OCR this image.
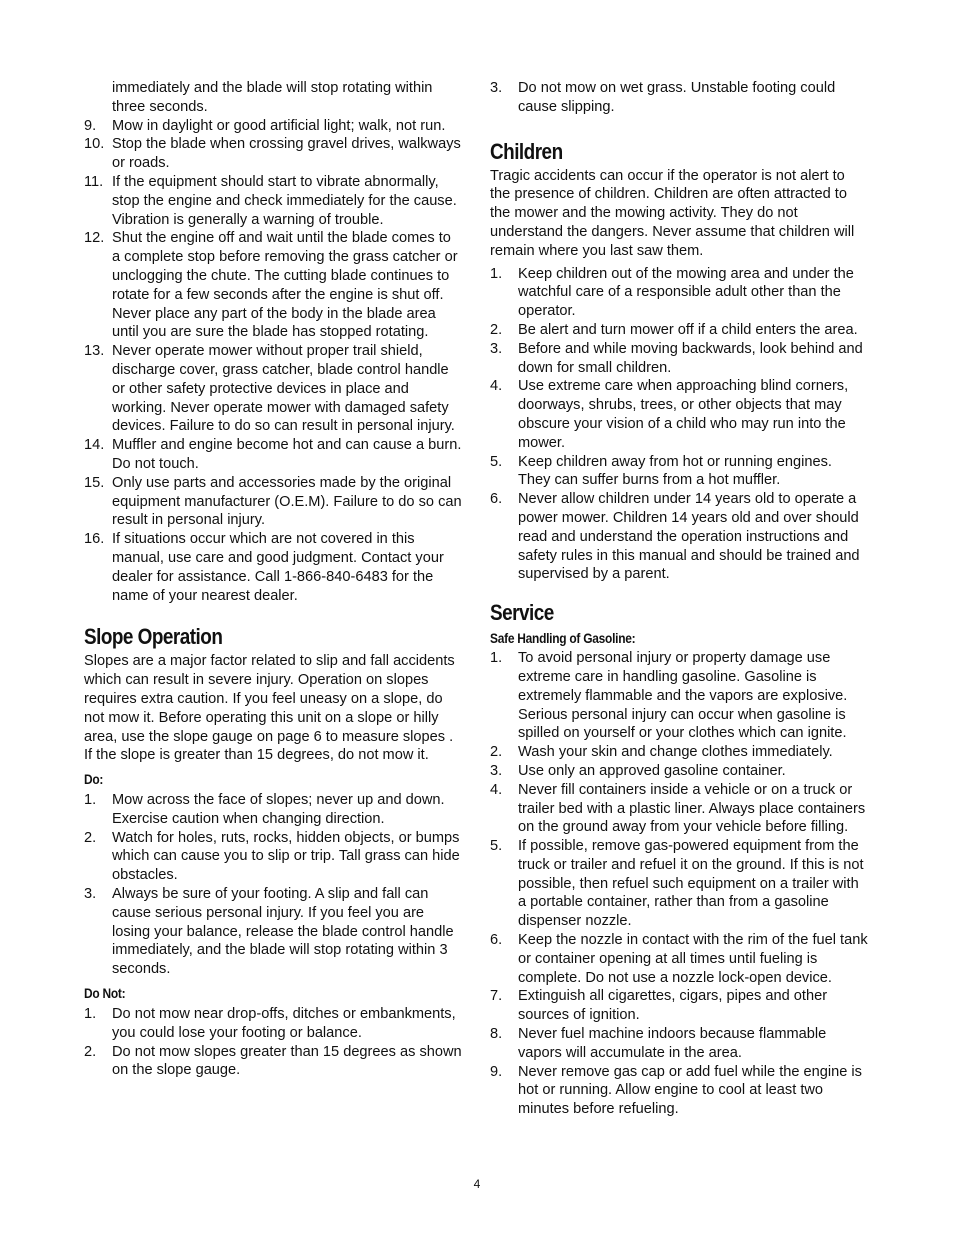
immediately and the blade will stop rotating within three seconds.

9. Mow in daylight or good artificial light; walk, not run.
10. Stop the blade when crossing gravel drives, walkways or roads.
11. If the equipment should start to vibrate abnormally, stop the engine and check immediately for the cause. Vibration is generally a warning of trouble.
12. Shut the engine off and wait until the blade comes to a complete stop before removing the grass catcher or unclogging the chute. The cutting blade continues to rotate for a few seconds after the engine is shut off. Never place any part of the body in the blade area until you are sure the blade has stopped rotating.
13. Never operate mower without proper trail shield, discharge cover, grass catcher, blade control handle or other safety protective devices in place and working. Never operate mower with damaged safety devices. Failure to do so can result in personal injury.
14. Muffler and engine become hot and can cause a burn. Do not touch.
15. Only use parts and accessories made by the original equipment manufacturer (O.E.M). Failure to do so can result in personal injury.
16. If situations occur which are not covered in this manual, use care and good judgment. Contact your dealer for assistance. Call 1-866-840-6483 for the name of your nearest dealer.
Slope Operation

Slopes are a major factor related to slip and fall accidents which can result in severe injury. Operation on slopes requires extra caution. If you feel uneasy on a slope, do not mow it. Before operating this unit on a slope or hilly area, use the slope gauge on page 6 to measure slopes . If the slope is greater than 15 degrees, do not mow it.

Do:
1. Mow across the face of slopes; never up and down. Exercise caution when changing direction.
2. Watch for holes, ruts, rocks, hidden objects, or bumps which can cause you to slip or trip. Tall grass can hide obstacles.
3. Always be sure of your footing. A slip and fall can cause serious personal injury. If you feel you are losing your balance, release the blade control handle immediately, and the blade will stop rotating within 3 seconds.
Do Not:
1. Do not mow near drop-offs, ditches or embankments, you could lose your footing or balance.
2. Do not mow slopes greater than 15 degrees as shown on the slope gauge.
3. Do not mow on wet grass. Unstable footing could cause slipping.
Children

Tragic accidents can occur if the operator is not alert to the presence of children. Children are often attracted to the mower and the mowing activity. They do not understand the dangers. Never assume that children will remain where you last saw them.

1. Keep children out of the mowing area and under the watchful care of a responsible adult other than the operator.
2. Be alert and turn mower off if a child enters the area.
3. Before and while moving backwards, look behind and down for small children.
4. Use extreme care when approaching blind corners, doorways, shrubs, trees, or other objects that may obscure your vision of a child who may run into the mower.
5. Keep children away from hot or running engines. They can suffer burns from a hot muffler.
6. Never allow children under 14 years old to operate a power mower. Children 14 years old and over should read and understand the operation instructions and safety rules in this manual and should be trained and supervised by a parent.
Service
Safe Handling of Gasoline:
1. To avoid personal injury or property damage use extreme care in handling gasoline. Gasoline is extremely flammable and the vapors are explosive. Serious personal injury can occur when gasoline is spilled on yourself or your clothes which can ignite.
2. Wash your skin and change clothes immediately.
3. Use only an approved gasoline container.
4. Never fill containers inside a vehicle or on a truck or trailer bed with a plastic liner. Always place containers on the ground away from your vehicle before filling.
5. If possible, remove gas-powered equipment from the truck or trailer and refuel it on the ground. If this is not possible, then refuel such equipment on a trailer with a portable container, rather than from a gasoline dispenser nozzle.
6. Keep the nozzle in contact with the rim of the fuel tank or container opening at all times until fueling is complete. Do not use a nozzle lock-open device.
7. Extinguish all cigarettes, cigars, pipes and other sources of ignition.
8. Never fuel machine indoors because flammable vapors will accumulate in the area.
9. Never remove gas cap or add fuel while the engine is hot or running. Allow engine to cool at least two minutes before refueling.
4
